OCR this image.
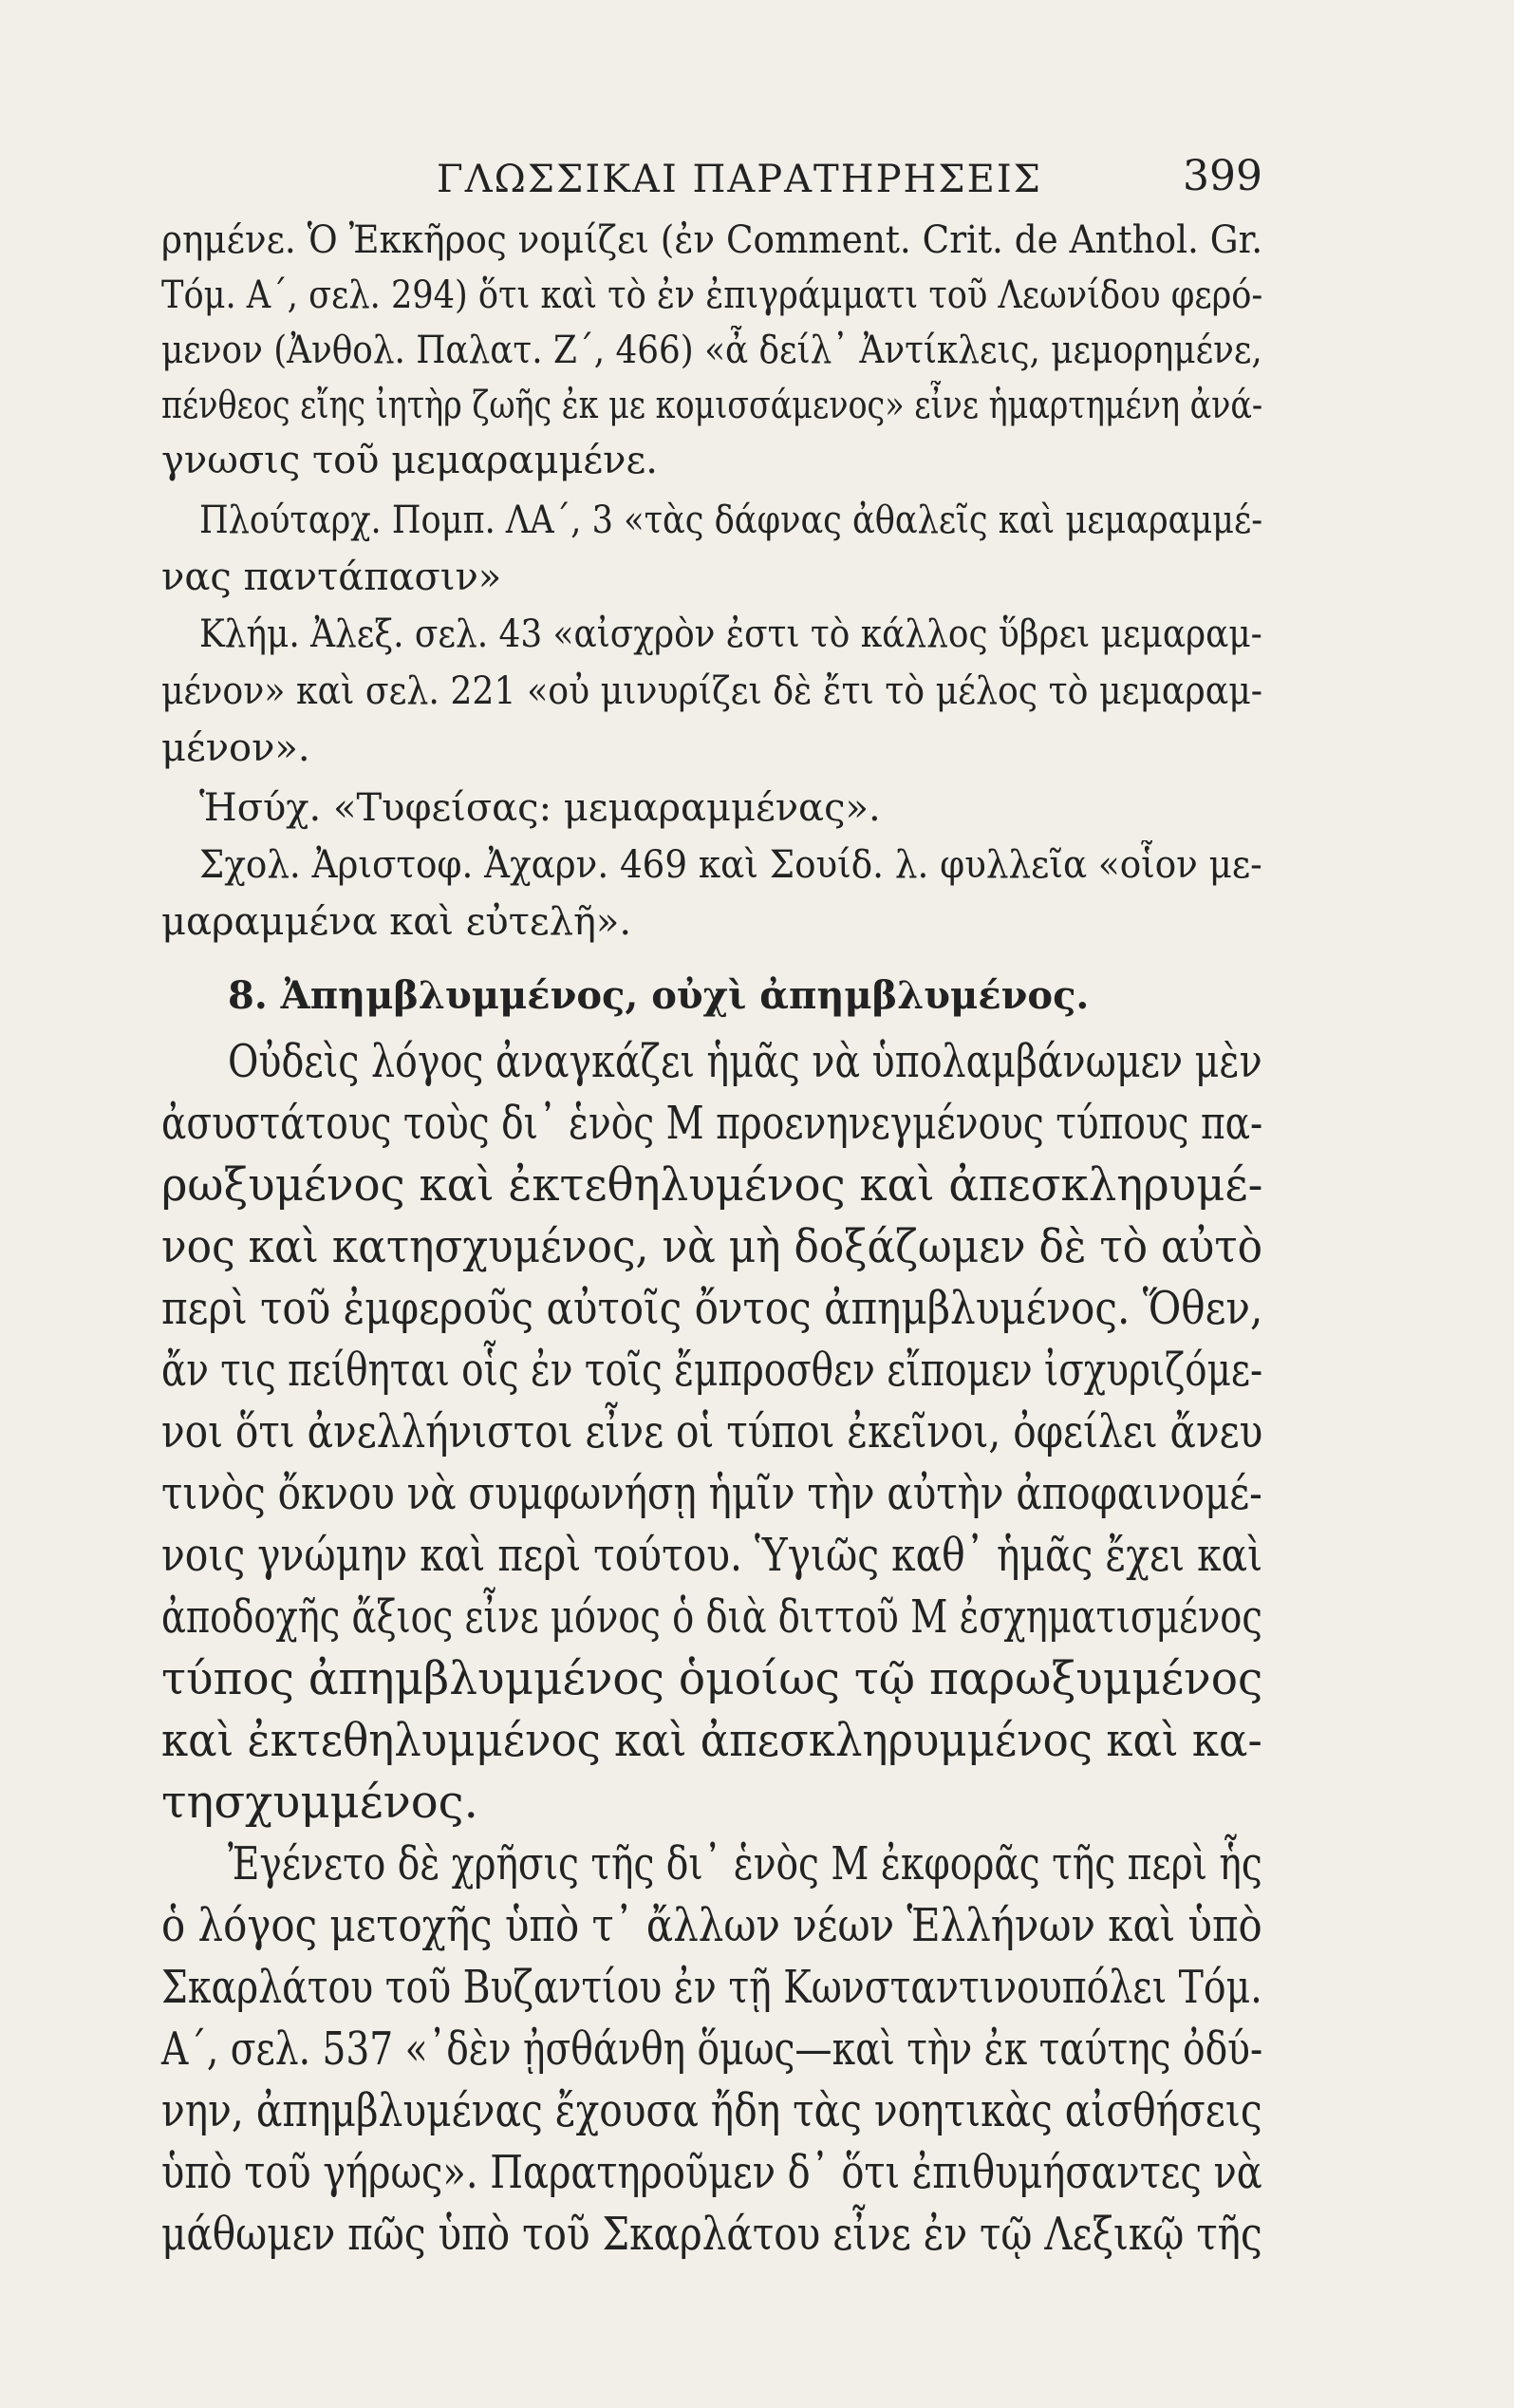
ΓΛΩΣΣΙΚΑΙ ΠΑΡΑΤΗΡΗΣΕΙΣ	399
ρημένε. Ὁ Ἐκκῆρος νομίζει (ἐν Comment. Crit. de Anthol. Gr.
Τόμ. Α΄, σελ. 294) ὅτι καὶ τὸ ἐν ἐπιγράμματι τοῦ Λεωνίδου φερό-
μενον (Ἀνθολ. Παλατ. Ζ΄, 466) «ἆ δείλ᾽ Ἀντίκλεις, μεμορημένε,
πένθεος εἴης ἰητὴρ ζωῆς ἐκ με κομισσάμενος» εἶνε ἡμαρτημένη ἀνά-
γνωσις τοῦ μεμαραμμένε.
Πλούταρχ. Πομπ. ΛΑ΄, 3 «τὰς δάφνας ἀθαλεῖς καὶ μεμαραμμέ-
νας παντάπασιν»
Κλήμ. Ἀλεξ. σελ. 43 «αἰσχρὸν ἐστι τὸ κάλλος ὕβρει μεμαραμ-
μένον» καὶ σελ. 221 «οὐ μινυρίζει δὲ ἔτι τὸ μέλος τὸ μεμαραμ-
μένον».
Ἡσύχ. «Τυφείσας: μεμαραμμένας».
Σχολ. Ἀριστοφ. Ἀχαρν. 469 καὶ Σουίδ. λ. φυλλεῖα «οἷον με-
μαραμμένα καὶ εὐτελῆ».
8. Ἀπημβλυμμένος, οὐχὶ ἀπημβλυμένος.
Οὐδεὶς λόγος ἀναγκάζει ἡμᾶς νὰ ὑπολαμβάνωμεν μὲν
ἀσυστάτους τοὺς δι᾽ ἑνὸς Μ προενηνεγμένους τύπους πα-
ρωξυμένος καὶ ἐκτεθηλυμένος καὶ ἀπεσκληρυμέ-
νος καὶ κατησχυμένος, νὰ μὴ δοξάζωμεν δὲ τὸ αὐτὸ
περὶ τοῦ ἐμφεροῦς αὐτοῖς ὄντος ἀπημβλυμένος. Ὅθεν,
ἄν τις πείθηται οἷς ἐν τοῖς ἔμπροσθεν εἴπομεν ἰσχυριζόμε-
νοι ὅτι ἀνελλήνιστοι εἶνε οἱ τύποι ἐκεῖνοι, ὀφείλει ἄνευ
τινὸς ὄκνου νὰ συμφωνήσῃ ἡμῖν τὴν αὐτὴν ἀποφαινομέ-
νοις γνώμην καὶ περὶ τούτου. Ὑγιῶς καθ᾽ ἡμᾶς ἔχει καὶ
ἀποδοχῆς ἄξιος εἶνε μόνος ὁ διὰ διττοῦ Μ ἐσχηματισμένος
τύπος ἀπημβλυμμένος ὁμοίως τῷ παρωξυμμένος
καὶ ἐκτεθηλυμμένος καὶ ἀπεσκληρυμμένος καὶ κα-
τησχυμμένος.
Ἐγένετο δὲ χρῆσις τῆς δι᾽ ἑνὸς Μ ἐκφορᾶς τῆς περὶ ἧς
ὁ λόγος μετοχῆς ὑπὸ τ᾽ ἄλλων νέων Ἑλλήνων καὶ ὑπὸ
Σκαρλάτου τοῦ Βυζαντίου ἐν τῇ Κωνσταντινουπόλει Τόμ.
Α΄, σελ. 537 «᾽δὲν ᾐσθάνθη ὅμως—καὶ τὴν ἐκ ταύτης ὀδύ-
νην, ἀπημβλυμένας ἔχουσα ἤδη τὰς νοητικὰς αἰσθήσεις
ὑπὸ τοῦ γήρως». Παρατηροῦμεν δ᾽ ὅτι ἐπιθυμήσαντες νὰ
μάθωμεν πῶς ὑπὸ τοῦ Σκαρλάτου εἶνε ἐν τῷ Λεξικῷ τῆς
